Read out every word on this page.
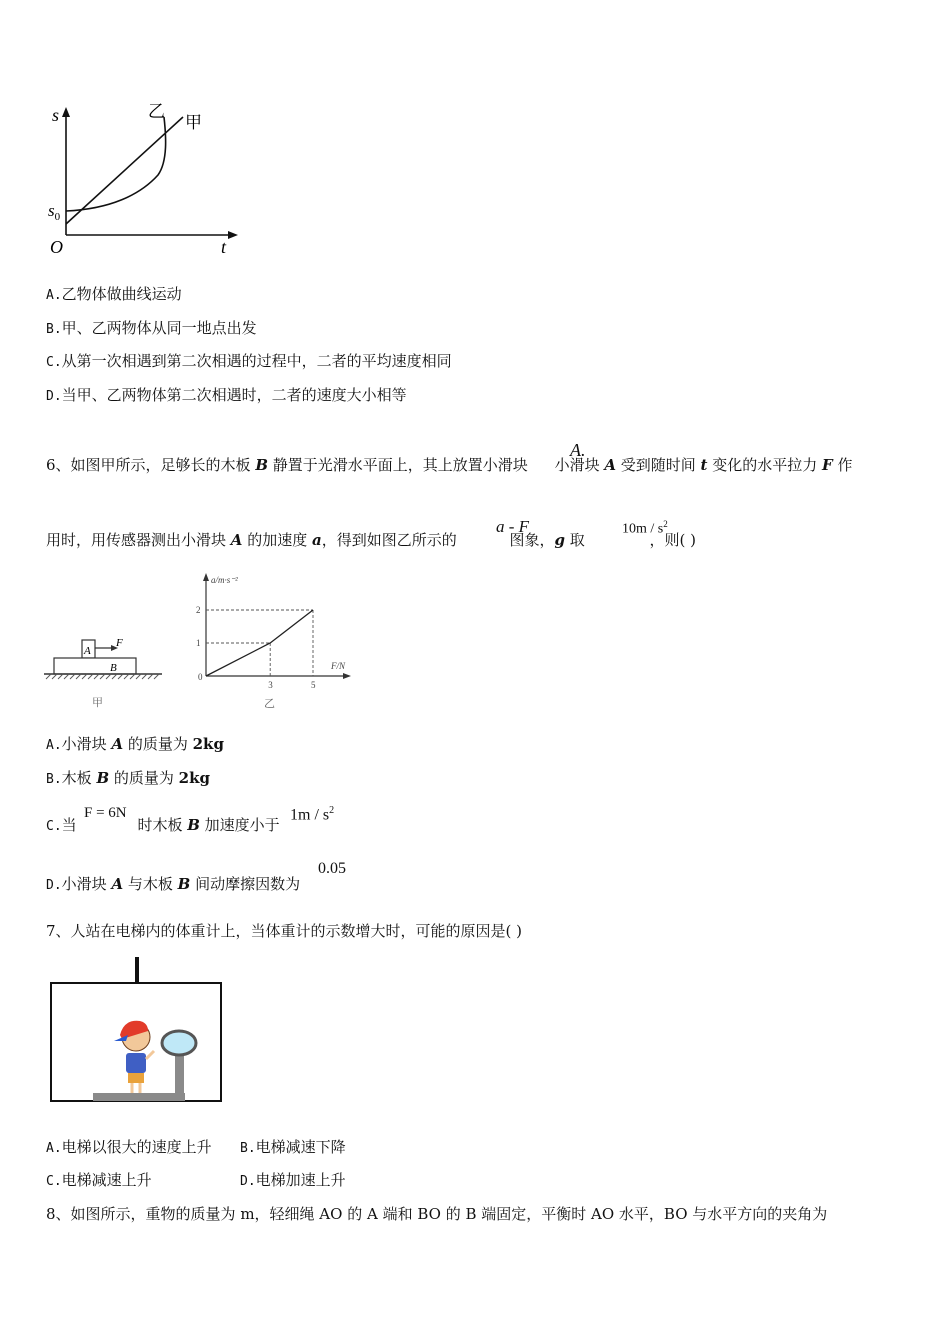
s
t
O
$s_0$
乙
甲
A.乙物体做曲线运动
B.甲、乙两物体从同一地点出发
C.从第一次相遇到第二次相遇的过程中，二者的平均速度相同
D.当甲、乙两物体第二次相遇时，二者的速度大小相等
6、如图甲所示，足够长的木板 B 静置于光滑水平面上，其上放置小滑块 小滑块 A 受到随时间 t 变化的水平拉力 F 作
A.
用时，用传感器测出小滑块 A 的加速度 a，得到如图乙所示的	图象，g 取	，则( )
a - F	$10m / s^2$
A
F
B
甲
a/m·s⁻²
F/N
0
1
2
3	5
乙
A.小滑块 A 的质量为 2kg
B.木板 B 的质量为 2kg
C.当	时木板 B 加速度小于
F = 6N	$1m / s^2$
D.小滑块 A 与木板 B 间动摩擦因数为
0.05
7、人站在电梯内的体重计上，当体重计的示数增大时，可能的原因是( )
A.电梯以很大的速度上升 B.电梯减速下降
C.电梯减速上升	D.电梯加速上升
8、如图所示，重物的质量为 m，轻细绳 AO 的 A 端和 BO 的 B 端固定，平衡时 AO 水平，BO 与水平方向的夹角为
